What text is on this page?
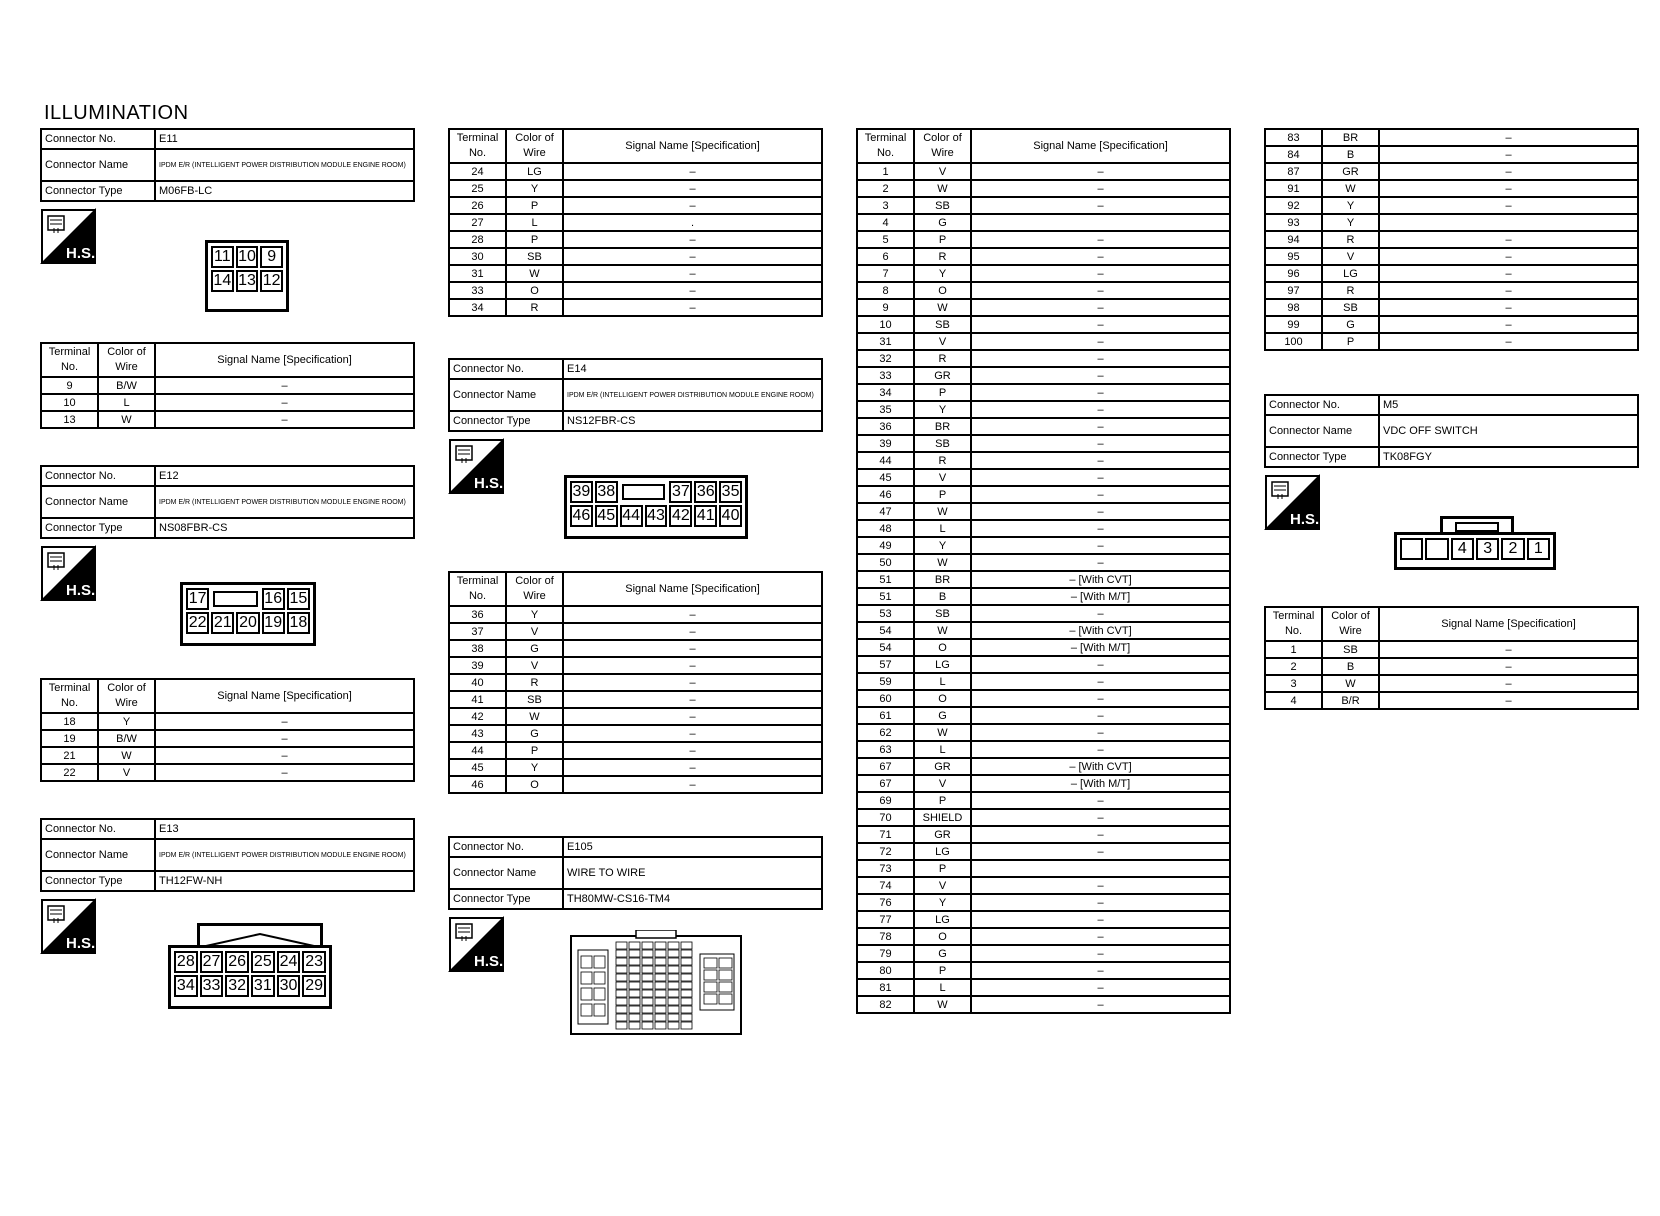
ILLUMINATION
Connector No.	E11
Connector Name	IPDM E/R (INTELLIGENT POWER DISTRIBUTION MODULE ENGINE ROOM)
Connector Type	M06FB-LC
H.S.	11 10 9
14 13 12
Terminal No.	Color of Wire	Signal Name [Specification]
9	B/W	–
10	L	–
13	W	–
Connector No.	E12
Connector Name	IPDM E/R (INTELLIGENT POWER DISTRIBUTION MODULE ENGINE ROOM)
Connector Type	NS08FBR-CS
H.S.	17	16 15
22 21 20 19 18
Terminal No.	Color of Wire	Signal Name [Specification]
18	Y	–
19	B/W	–
21	W	–
22	V	–
Connector No.	E13
Connector Name	IPDM E/R (INTELLIGENT POWER DISTRIBUTION MODULE ENGINE ROOM)
Connector Type	TH12FW-NH
H.S.
28 27 26 25 24 23
34 33 32 31 30 29
Terminal No.	Color of Wire	Signal Name [Specification]
24	LG	–
25	Y	–
26	P	–
27	L	.
28	P	–
30	SB	–
31	W	–
33	O	–
34	R	–
Connector No.	E14
Connector Name	IPDM E/R (INTELLIGENT POWER DISTRIBUTION MODULE ENGINE ROOM)
Connector Type	NS12FBR-CS
H.S.	39 38	37 36 35
46 45 44 43 42 41 40
Terminal No.	Color of Wire	Signal Name [Specification]
36	Y	–
37	V	–
38	G	–
39	V	–
40	R	–
41	SB	–
42	W	–
43	G	–
44	P	–
45	Y	–
46	O	–
Connector No.	E105
Connector Name	WIRE TO WIRE
Connector Type	TH80MW-CS16-TM4
H.S.
Terminal No.	Color of Wire	Signal Name [Specification]
1	V	–
2	W	–
3	SB	–
4	G	
5	P	–
6	R	–
7	Y	–
8	O	–
9	W	–
10	SB	–
31	V	–
32	R	–
33	GR	–
34	P	–
35	Y	–
36	BR	–
39	SB	–
44	R	–
45	V	–
46	P	–
47	W	–
48	L	–
49	Y	–
50	W	–
51	BR	– [With CVT]
51	B	– [With M/T]
53	SB	–
54	W	– [With CVT]
54	O	– [With M/T]
57	LG	–
59	L	–
60	O	–
61	G	–
62	W	–
63	L	–
67	GR	– [With CVT]
67	V	– [With M/T]
69	P	–
70	SHIELD	–
71	GR	–
72	LG	–
73	P	
74	V	–
76	Y	–
77	LG	–
78	O	–
79	G	–
80	P	–
81	L	–
82	W	–
83	BR	–
84	B	–
87	GR	–
91	W	–
92	Y	–
93	Y	
94	R	–
95	V	–
96	LG	–
97	R	–
98	SB	–
99	G	–
100	P	–
Connector No.	M5
Connector Name	VDC OFF SWITCH
Connector Type	TK08FGY
H.S.
4	3	2	1
Terminal No.	Color of Wire	Signal Name [Specification]
1	SB	–
2	B	–
3	W	–
4	B/R	–
